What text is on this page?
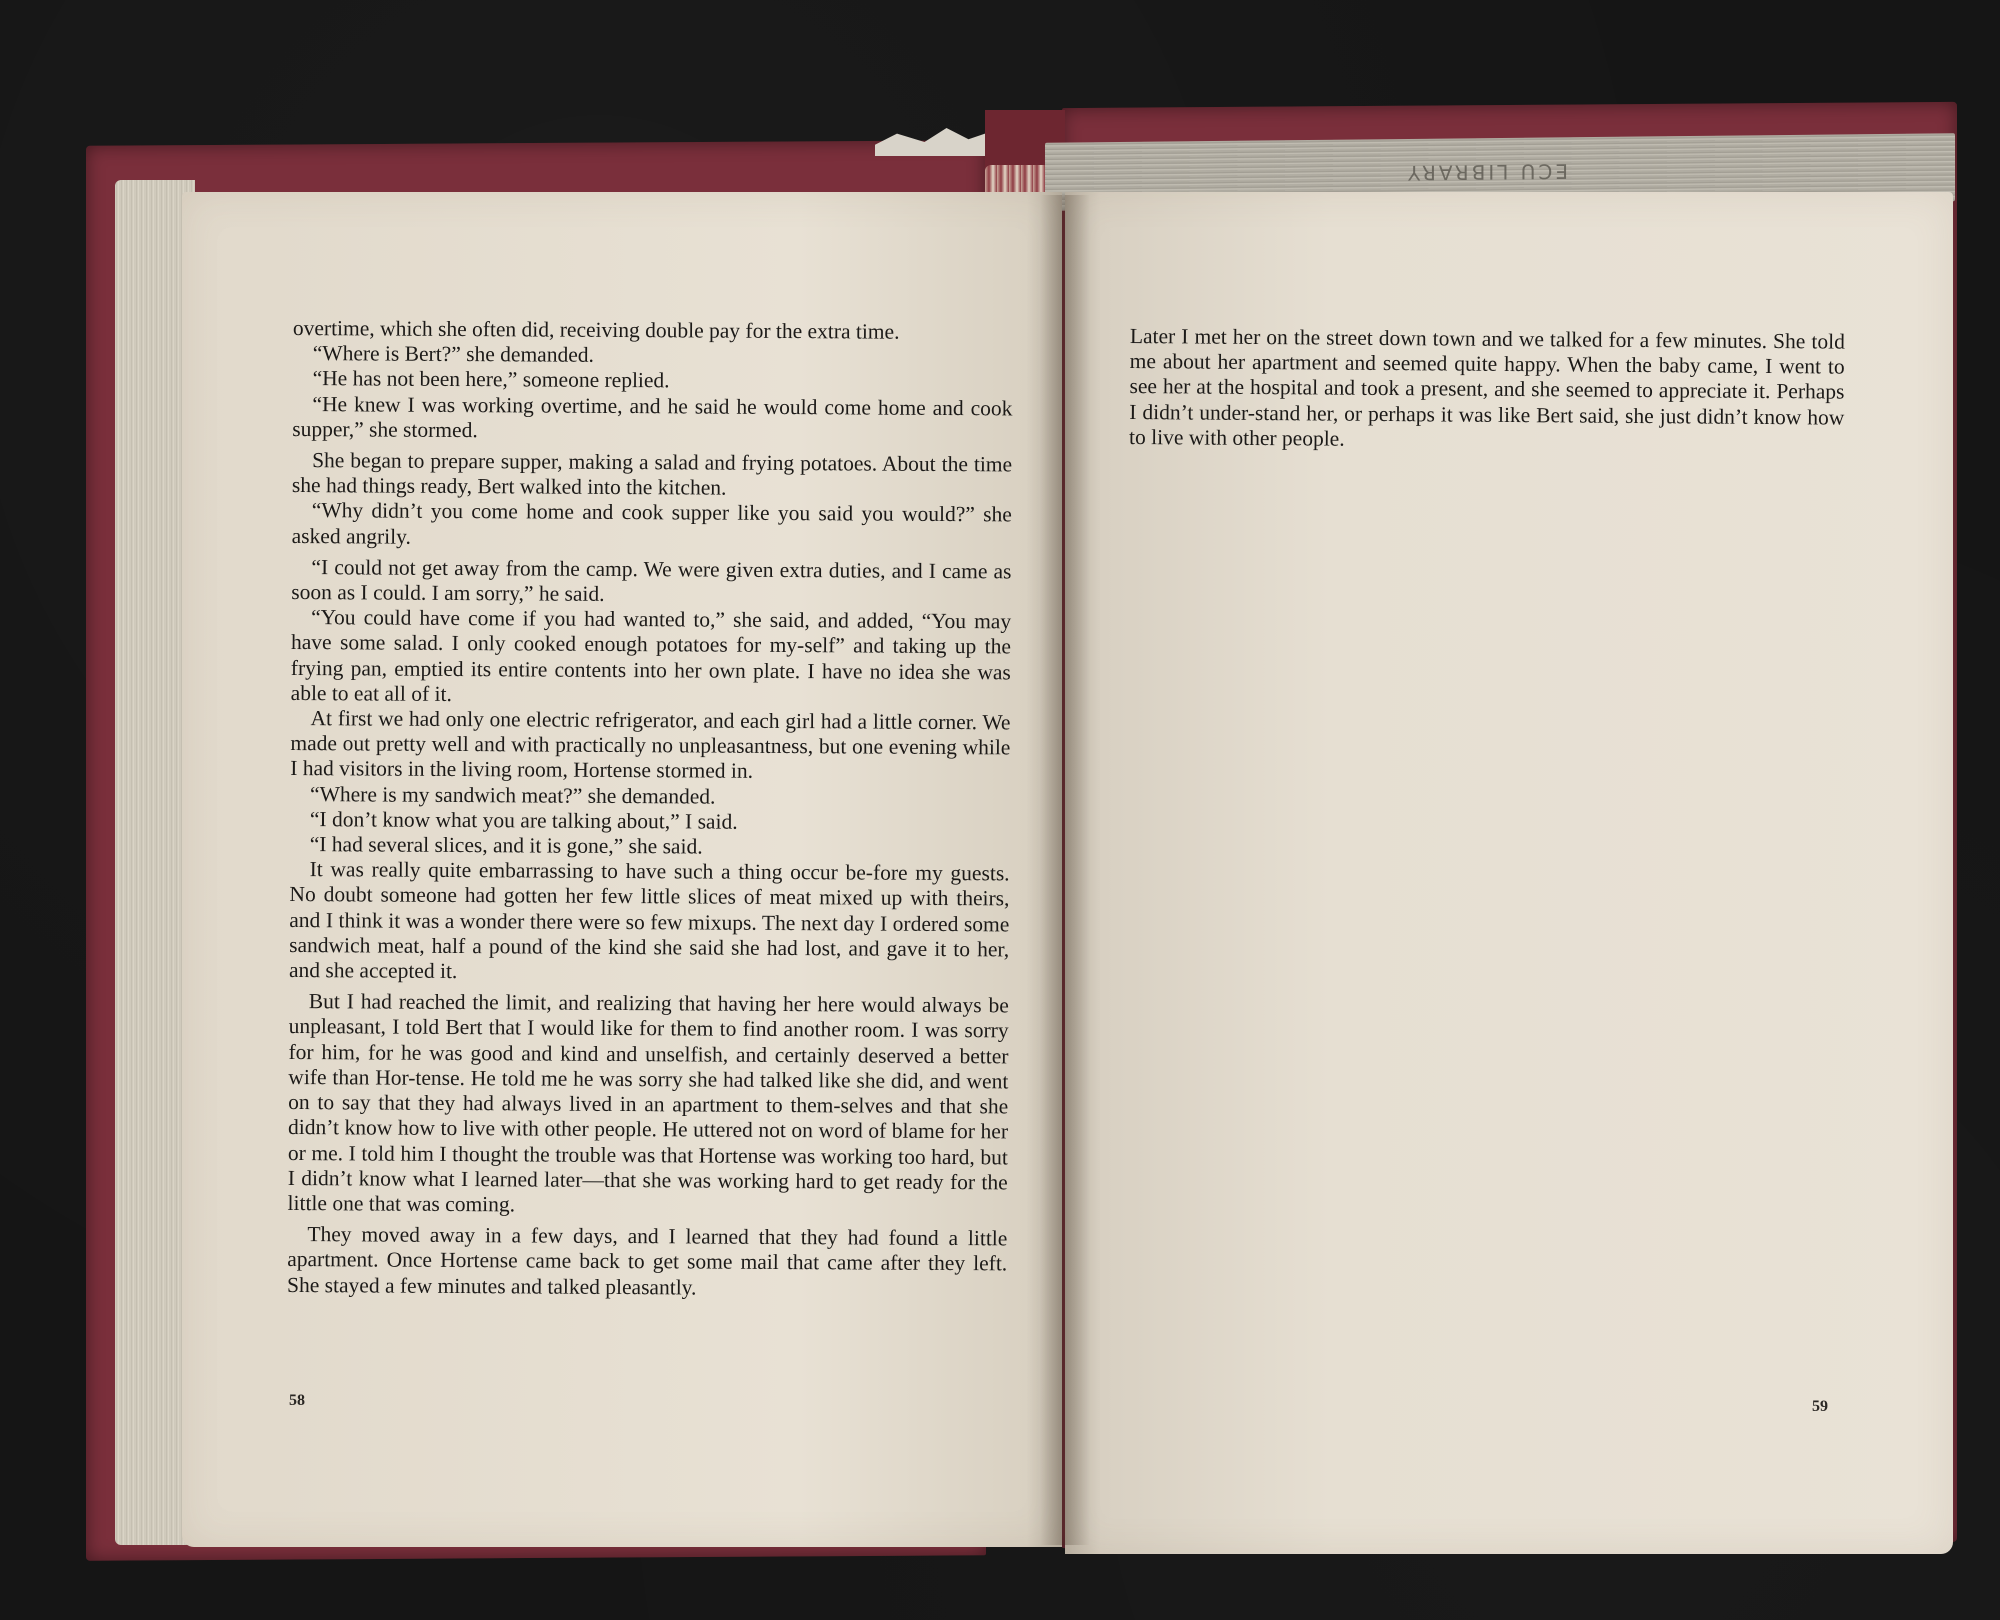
ECU LIBRARY

overtime, which she often did, receiving double pay for the extra time.

“Where is Bert?” she demanded.

“He has not been here,” someone replied.

“He knew I was working overtime, and he said he would come home and cook supper,” she stormed.

She began to prepare supper, making a salad and frying potatoes. About the time she had things ready, Bert walked into the kitchen.

“Why didn’t you come home and cook supper like you said you would?” she asked angrily.

“I could not get away from the camp. We were given extra duties, and I came as soon as I could. I am sorry,” he said.

“You could have come if you had wanted to,” she said, and added, “You may have some salad. I only cooked enough potatoes for my-self” and taking up the frying pan, emptied its entire contents into her own plate. I have no idea she was able to eat all of it.

At first we had only one electric refrigerator, and each girl had a little corner. We made out pretty well and with practically no unpleasantness, but one evening while I had visitors in the living room, Hortense stormed in.

“Where is my sandwich meat?” she demanded.

“I don’t know what you are talking about,” I said.

“I had several slices, and it is gone,” she said.

It was really quite embarrassing to have such a thing occur be-fore my guests. No doubt someone had gotten her few little slices of meat mixed up with theirs, and I think it was a wonder there were so few mixups. The next day I ordered some sandwich meat, half a pound of the kind she said she had lost, and gave it to her, and she accepted it.

But I had reached the limit, and realizing that having her here would always be unpleasant, I told Bert that I would like for them to find another room. I was sorry for him, for he was good and kind and unselfish, and certainly deserved a better wife than Hor-tense. He told me he was sorry she had talked like she did, and went on to say that they had always lived in an apartment to them-selves and that she didn’t know how to live with other people. He uttered not on word of blame for her or me. I told him I thought the trouble was that Hortense was working too hard, but I didn’t know what I learned later—that she was working hard to get ready for the little one that was coming.

They moved away in a few days, and I learned that they had found a little apartment. Once Hortense came back to get some mail that came after they left. She stayed a few minutes and talked pleasantly.

58

Later I met her on the street down town and we talked for a few minutes. She told me about her apartment and seemed quite happy. When the baby came, I went to see her at the hospital and took a present, and she seemed to appreciate it. Perhaps I didn’t under-stand her, or perhaps it was like Bert said, she just didn’t know how to live with other people.

59
